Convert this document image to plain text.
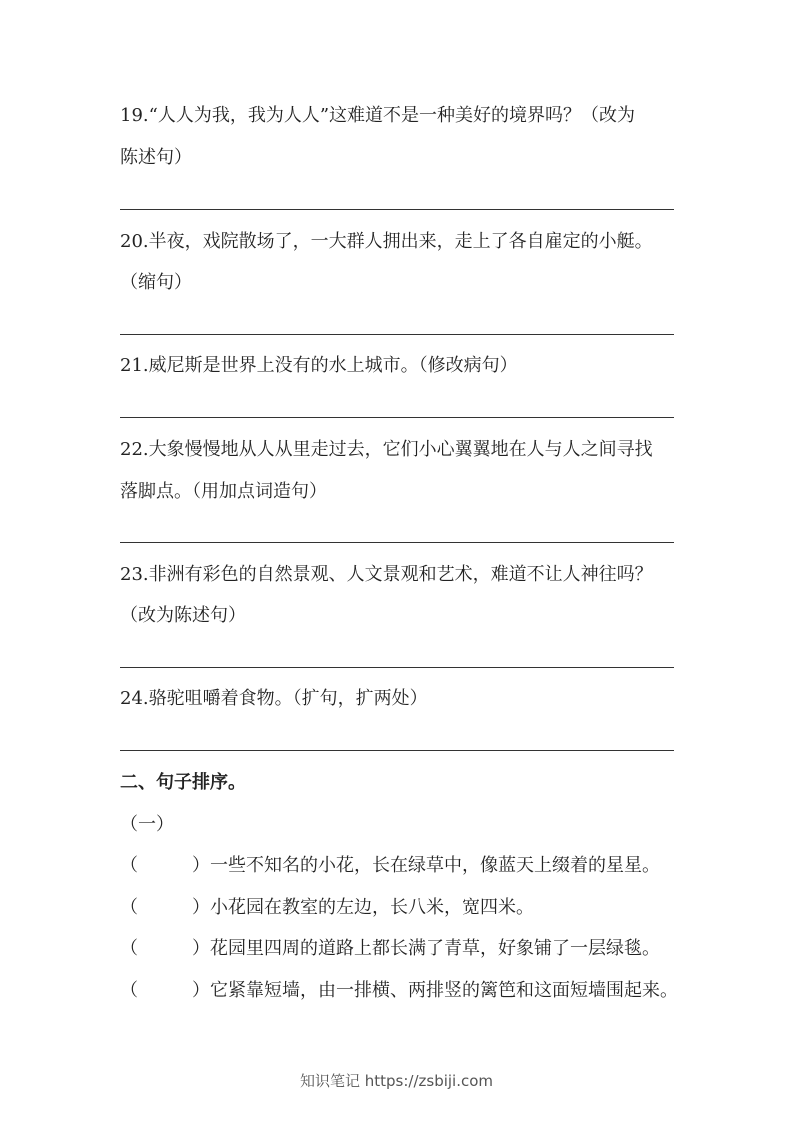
19.“人人为我，我为人人”这难道不是一种美好的境界吗？（改为
陈述句）
20.半夜，戏院散场了，一大群人拥出来，走上了各自雇定的小艇。
（缩句）
21.威尼斯是世界上没有的水上城市。（修改病句）
22.大象慢慢地从人从里走过去，它们小心翼翼地在人与人之间寻找
落脚点。（用加点词造句）
23.非洲有彩色的自然景观、人文景观和艺术，难道不让人神往吗？
（改为陈述句）
24.骆驼咀嚼着食物。（扩句，扩两处）
二、句子排序。
（一）
（　　　）一些不知名的小花，长在绿草中，像蓝天上缀着的星星。
（　　　）小花园在教室的左边，长八米，宽四米。
（　　　）花园里四周的道路上都长满了青草，好象铺了一层绿毯。
（　　　）它紧靠短墙，由一排横、两排竖的篱笆和这面短墙围起来。
知识笔记 https://zsbiji.com
